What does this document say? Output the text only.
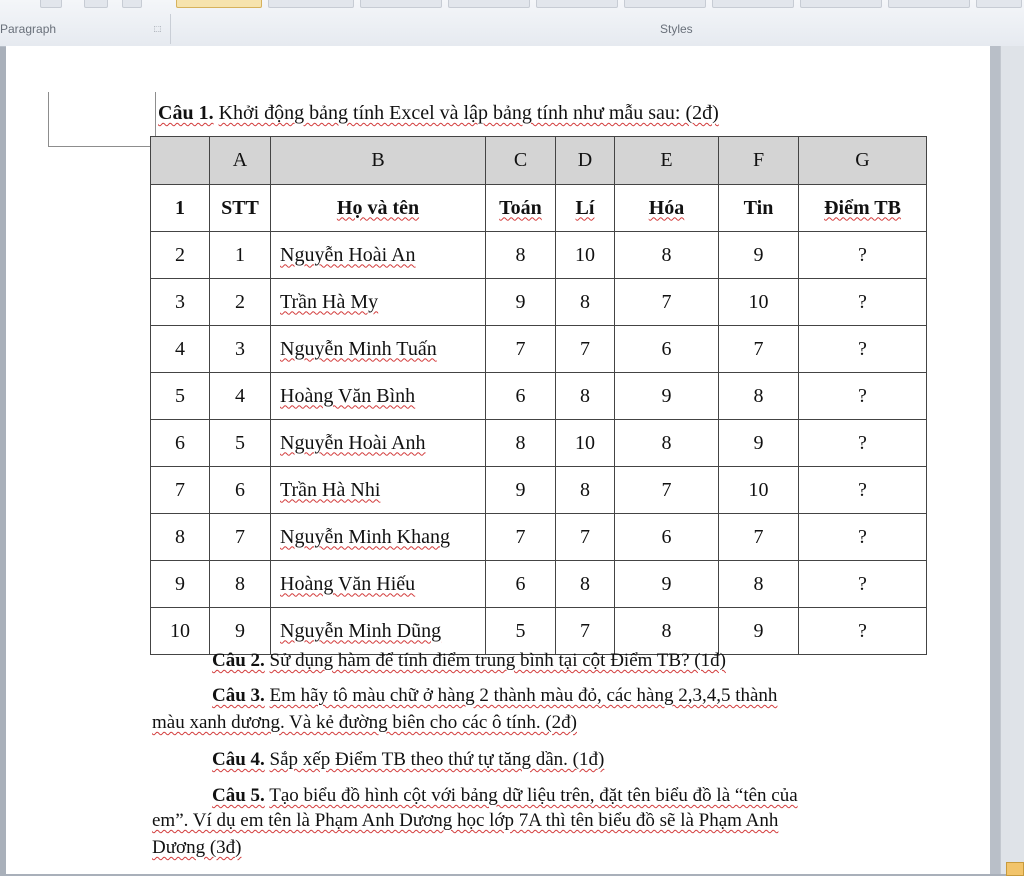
Paragraph	⬚	Styles
Câu 1. Khởi động bảng tính Excel và lập bảng tính như mẫu sau: (2đ)
	A	B	C	D	E	F	G
1	STT	Họ và tên	Toán	Lí	Hóa	Tin	Điểm TB
2	1	Nguyễn Hoài An	8	10	8	9	?
3	2	Trần Hà My	9	8	7	10	?
4	3	Nguyễn Minh Tuấn	7	7	6	7	?
5	4	Hoàng Văn Bình	6	8	9	8	?
6	5	Nguyễn Hoài Anh	8	10	8	9	?
7	6	Trần Hà Nhi	9	8	7	10	?
8	7	Nguyễn Minh Khang	7	7	6	7	?
9	8	Hoàng Văn Hiếu	6	8	9	8	?
10	9	Nguyễn Minh Dũng	5	7	8	9	?
Câu 2. Sử dụng hàm để tính điểm trung bình tại cột Điểm TB? (1đ)
Câu 3. Em hãy tô màu chữ ở hàng 2 thành màu đỏ, các hàng 2,3,4,5 thành
màu xanh dương. Và kẻ đường biên cho các ô tính. (2đ)
Câu 4. Sắp xếp Điểm TB theo thứ tự tăng dần. (1đ)
Câu 5. Tạo biểu đồ hình cột với bảng dữ liệu trên, đặt tên biểu đồ là “tên của
em”. Ví dụ em tên là Phạm Anh Dương học lớp 7A thì tên biểu đồ sẽ là Phạm Anh
Dương (3đ)
